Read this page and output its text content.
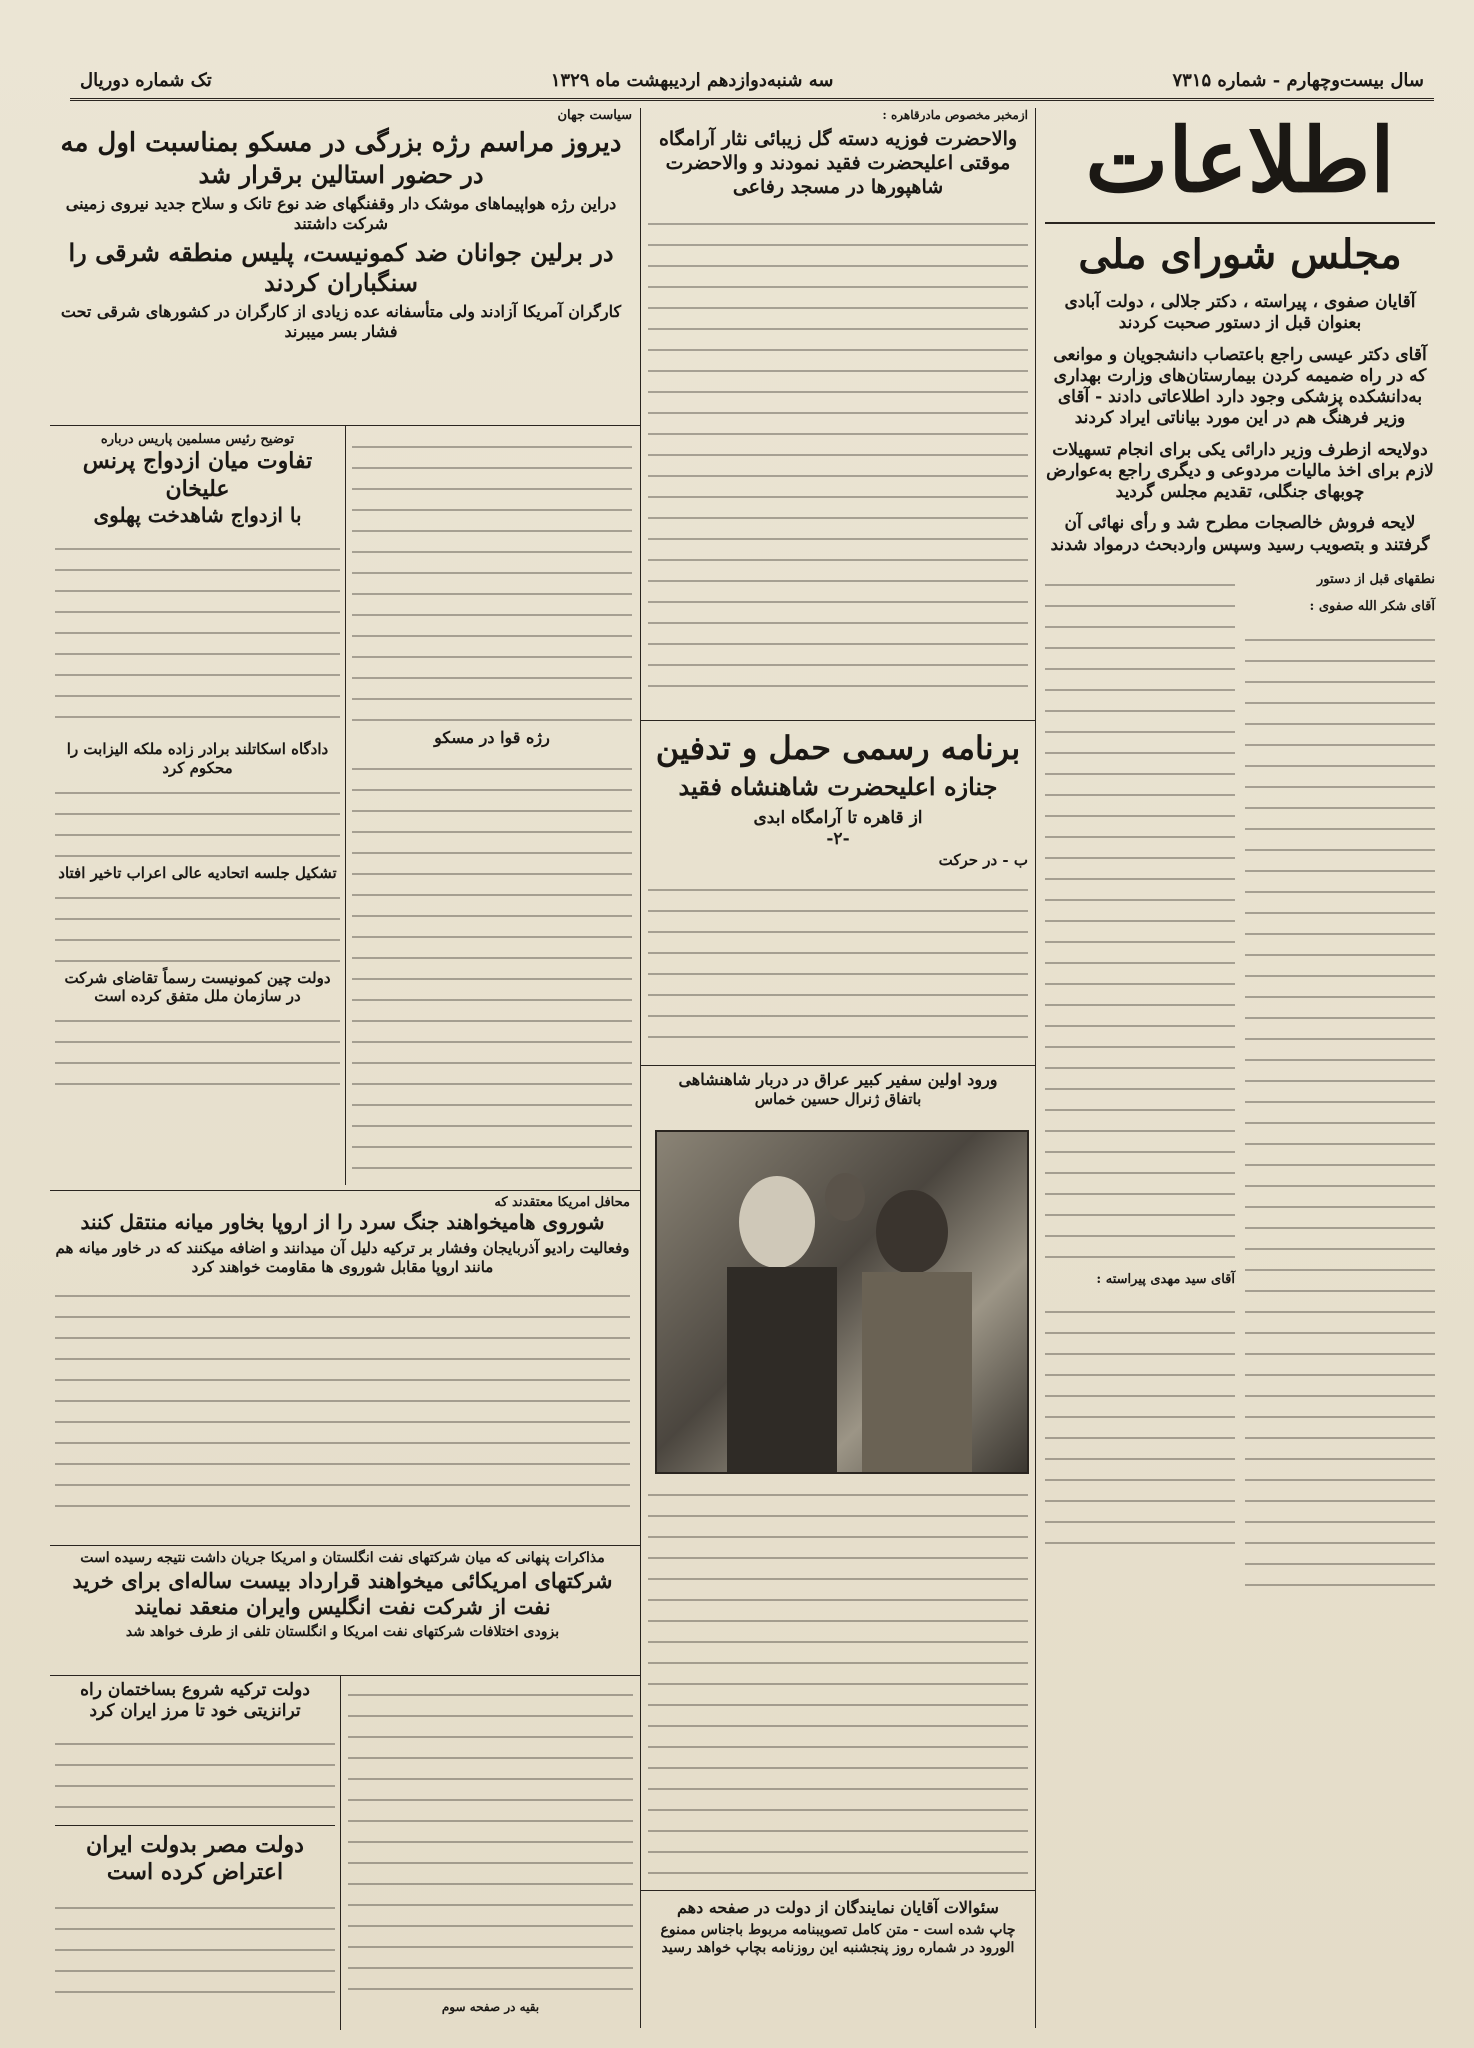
سال بیست‌وچهارم - شماره ۷۳۱۵
سه شنبه‌دوازدهم اردیبهشت ماه ۱۳۲۹
تک شماره دوریال
اطلاعات
مجلس شورای ملی
آقایان صفوی ، پیراسته ، دکتر جلالی ، دولت آبادی بعنوان قبل از دستور صحبت کردند
آقای دکتر عیسی راجع باعتصاب دانشجویان و موانعی که در راه ضمیمه کردن بیمارستان‌های وزارت بهداری به‌دانشکده پزشکی وجود دارد اطلاعاتی دادند - آقای وزیر فرهنگ هم در این مورد بیاناتی ایراد کردند
دولایحه ازطرف وزیر دارائی یکی برای انجام تسهیلات لازم برای اخذ مالیات مردوعی و دیگری راجع به‌عوارض چوبهای جنگلی، تقدیم مجلس گردید
لایحه فروش خالصجات مطرح شد و رأی نهائی آن گرفتند و بتصویب رسید وسپس واردبحث درمواد شدند

نطقهای قبل از دستور

آقای شکر الله صفوی :

آقای سید مهدی پیراسته :

ازمخبر مخصوص مادرقاهره :
والاحضرت فوزیه دسته گل زیبائی نثار آرامگاه موقتی اعلیحضرت فقید نمودند و والاحضرت شاهپورها در مسجد رفاعی
برنامه رسمی حمل و تدفین
جنازه اعلیحضرت شاهنشاه فقید
از قاهره تا آرامگاه ابدی
-۲-
ب - در حرکت
ورود اولین سفیر کبیر عراق در دربار شاهنشاهی
باتفاق ژنرال حسین خماس
سیاست جهان
دیروز مراسم رژه بزرگی در مسکو بمناسبت اول مه
در حضور استالین برقرار شد
دراین رژه هواپیماهای موشک دار وقفنگهای ضد نوع تانک و سلاح جدید نیروی زمینی شرکت داشتند
در برلین جوانان ضد کمونیست، پلیس منطقه شرقی را سنگباران کردند
کارگران آمریکا آزادند ولی متأسفانه عده زیادی از کارگران در کشورهای شرقی تحت فشار بسر میبرند
توضیح رئیس مسلمین پاریس درباره
تفاوت میان ازدواج پرنس علیخان
با ازدواج شاهدخت پهلوی
دادگاه اسکاتلند برادر زاده ملکه الیزابت را محکوم کرد
تشکیل جلسه اتحادیه عالی اعراب تاخیر افتاد
دولت چین کمونیست رسماً تقاضای شرکت در سازمان ملل متفق کرده است
رژه قوا در مسکو
محافل امریکا معتقدند که
شوروی هامیخواهند جنگ سرد را از اروپا بخاور میانه منتقل کنند
وفعالیت رادیو آذربایجان وفشار بر ترکیه دلیل آن میدانند و اضافه میکنند که در خاور میانه هم مانند اروپا مقابل شوروی ها مقاومت خواهند کرد
مذاکرات پنهانی که میان شرکتهای نفت انگلستان و امریکا جریان داشت نتیجه رسیده است
شرکتهای امریکائی میخواهند قرارداد بیست ساله‌ای برای خرید نفت از شرکت نفت انگلیس وایران منعقد نمایند
بزودی اختلافات شرکتهای نفت امریکا و انگلستان تلفی از طرف خواهد شد
دولت ترکیه شروع بساختمان راه ترانزیتی خود تا مرز ایران کرد
دولت مصر بدولت ایران اعتراض کرده است
بقیه در صفحه سوم
سئوالات آقایان نمایندگان از دولت در صفحه دهم
چاپ شده است - متن کامل تصویبنامه مربوط باجناس ممنوع الورود در شماره روز پنجشنبه این روزنامه بچاپ خواهد رسید
